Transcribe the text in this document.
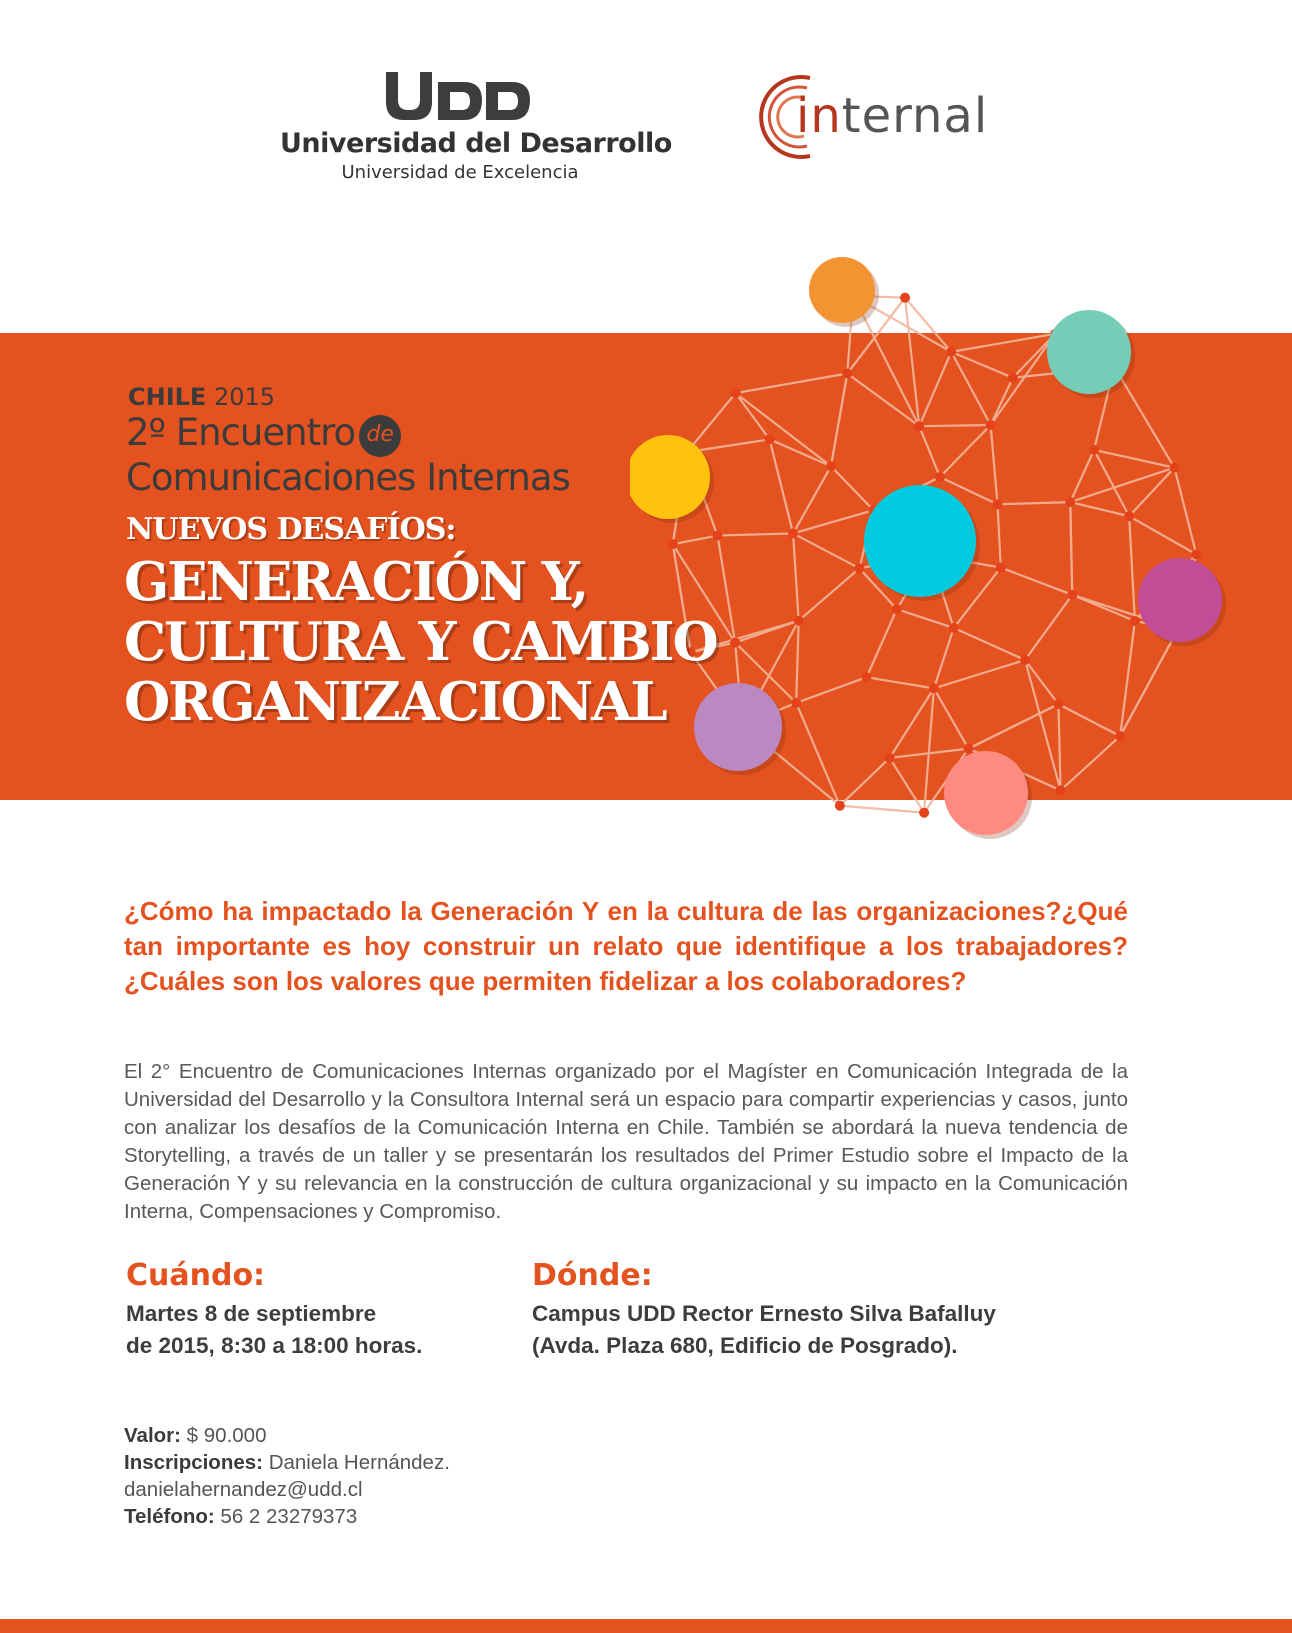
Universidad del Desarrollo
Universidad de Excelencia
internal
CHILE 2015
2º Encuentro de
Comunicaciones Internas
NUEVOS DESAFÍOS:
GENERACIÓN Y,
CULTURA Y CAMBIO
ORGANIZACIONAL
¿Cómo ha impactado la Generación Y en la cultura de las organizaciones?¿Qué tan importante es hoy construir un relato que identifique a los trabajadores? ¿Cuáles son los valores que permiten fidelizar a los colaboradores?
El 2° Encuentro de Comunicaciones Internas organizado por el Magíster en Comunicación Integrada de la Universidad del Desarrollo y la Consultora Internal será un espacio para compartir experiencias y casos, junto con analizar los desafíos de la Comunicación Interna en Chile. También se abordará la nueva tendencia de Storytelling, a través de un taller y se presentarán los resultados del Primer Estudio sobre el Impacto de la Generación Y y su relevancia en la construcción de cultura organizacional y su impacto en la Comunicación Interna, Compensaciones y Compromiso.
Cuándo:
Martes 8 de septiembre
de 2015, 8:30 a 18:00 horas.
Dónde:
Campus UDD Rector Ernesto Silva Bafalluy
(Avda. Plaza 680, Edificio de Posgrado).
Valor: $ 90.000
Inscripciones: Daniela Hernández.
danielahernandez@udd.cl
Teléfono: 56 2 23279373
